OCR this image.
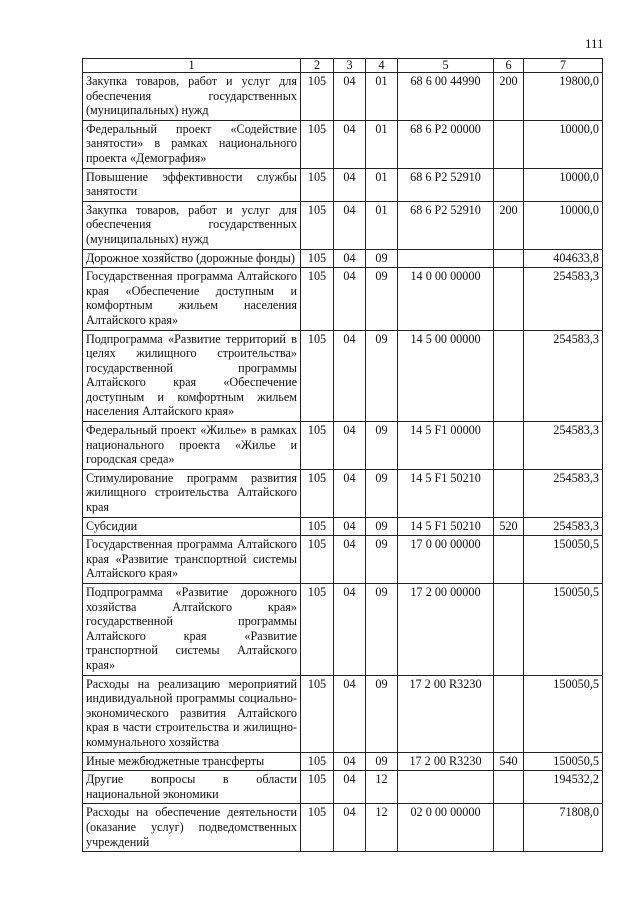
111
1	2	3	4	5	6	7
Закупка товаров, работ и услуг для обеспечения государственных (муниципальных) нужд	105	04	01	68 6 00 44990	200	19800,0
Федеральный проект «Содействие занятости» в рамках национального проекта «Демография»	105	04	01	68 6 P2 00000		10000,0
Повышение эффективности службы занятости	105	04	01	68 6 P2 52910		10000,0
Закупка товаров, работ и услуг для обеспечения государственных (муниципальных) нужд	105	04	01	68 6 P2 52910	200	10000,0
Дорожное хозяйство (дорожные фонды)	105	04	09			404633,8
Государственная программа Алтайского края «Обеспечение доступным и комфортным жильем населения Алтайского края»	105	04	09	14 0 00 00000		254583,3
Подпрограмма «Развитие территорий в целях жилищного строительства» государственной программы Алтайского края «Обеспечение доступным и комфортным жильем населения Алтайского края»	105	04	09	14 5 00 00000		254583,3
Федеральный проект «Жилье» в рамках национального проекта «Жилье и городская среда»	105	04	09	14 5 F1 00000		254583,3
Стимулирование программ развития жилищного строительства Алтайского края	105	04	09	14 5 F1 50210		254583,3
Субсидии	105	04	09	14 5 F1 50210	520	254583,3
Государственная программа Алтайского края «Развитие транспортной системы Алтайского края»	105	04	09	17 0 00 00000		150050,5
Подпрограмма «Развитие дорожного хозяйства Алтайского края» государственной программы Алтайского края «Развитие транспортной системы Алтайского края»	105	04	09	17 2 00 00000		150050,5
Расходы на реализацию мероприятий индивидуальной программы социально-экономического развития Алтайского края в части строительства и жилищно-коммунального хозяйства	105	04	09	17 2 00 R3230		150050,5
Иные межбюджетные трансферты	105	04	09	17 2 00 R3230	540	150050,5
Другие вопросы в области национальной экономики	105	04	12			194532,2
Расходы на обеспечение деятельности (оказание услуг) подведомственных учреждений	105	04	12	02 0 00 00000		71808,0
